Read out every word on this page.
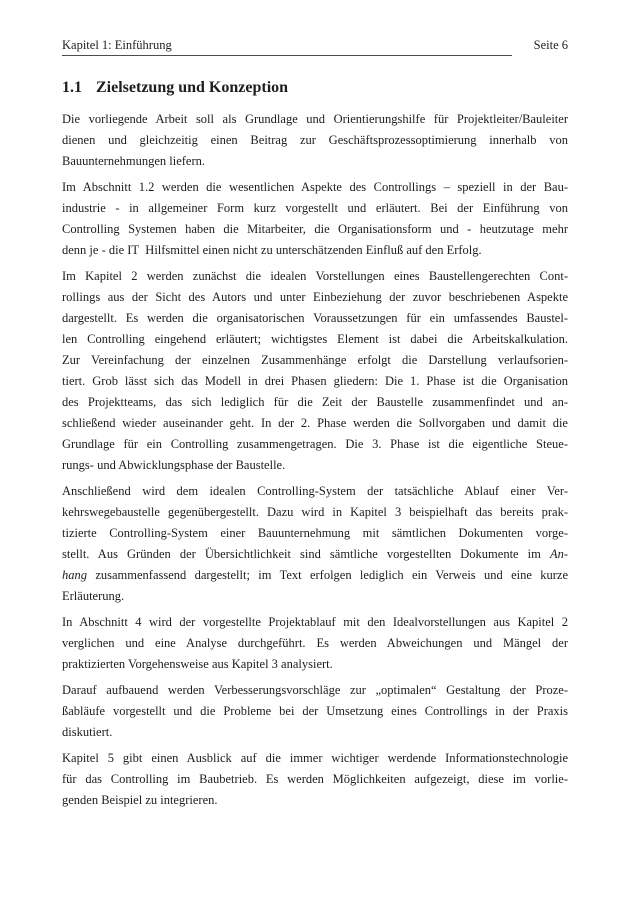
Kapitel 1: Einführung	Seite 6
1.1 Zielsetzung und Konzeption
Die vorliegende Arbeit soll als Grundlage und Orientierungshilfe für Projektleiter/Bauleiter
dienen und gleichzeitig einen Beitrag zur Geschäftsprozessoptimierung innerhalb von
Bauunternehmungen liefern.
Im Abschnitt 1.2 werden die wesentlichen Aspekte des Controllings – speziell in der Bau-
industrie - in allgemeiner Form kurz vorgestellt und erläutert. Bei der Einführung von
Controlling Systemen haben die Mitarbeiter, die Organisationsform und - heutzutage mehr
denn je - die IT  Hilfsmittel einen nicht zu unterschätzenden Einfluß auf den Erfolg.
Im Kapitel 2 werden zunächst die idealen Vorstellungen eines Baustellengerechten Cont-
rollings aus der Sicht des Autors und unter Einbeziehung der zuvor beschriebenen Aspekte
dargestellt. Es werden die organisatorischen Voraussetzungen für ein umfassendes Baustel-
len Controlling eingehend erläutert; wichtigstes Element ist dabei die Arbeitskalkulation.
Zur Vereinfachung der einzelnen Zusammenhänge erfolgt die Darstellung verlaufsorien-
tiert. Grob lässt sich das Modell in drei Phasen gliedern: Die 1. Phase ist die Organisation
des Projektteams, das sich lediglich für die Zeit der Baustelle zusammenfindet und an-
schließend wieder auseinander geht. In der 2. Phase werden die Sollvorgaben und damit die
Grundlage für ein Controlling zusammengetragen. Die 3. Phase ist die eigentliche Steue-
rungs- und Abwicklungsphase der Baustelle.
Anschließend wird dem idealen Controlling-System der tatsächliche Ablauf einer Ver-
kehrswegebaustelle gegenübergestellt. Dazu wird in Kapitel 3 beispielhaft das bereits prak-
tizierte Controlling-System einer Bauunternehmung mit sämtlichen Dokumenten vorge-
stellt. Aus Gründen der Übersichtlichkeit sind sämtliche vorgestellten Dokumente im An-
hang zusammenfassend dargestellt; im Text erfolgen lediglich ein Verweis und eine kurze
Erläuterung.
In Abschnitt 4 wird der vorgestellte Projektablauf mit den Idealvorstellungen aus Kapitel 2
verglichen und eine Analyse durchgeführt. Es werden Abweichungen und Mängel der
praktizierten Vorgehensweise aus Kapitel 3 analysiert.
Darauf aufbauend werden Verbesserungsvorschläge zur „optimalen“ Gestaltung der Proze-
ßabläufe vorgestellt und die Probleme bei der Umsetzung eines Controllings in der Praxis
diskutiert.
Kapitel 5 gibt einen Ausblick auf die immer wichtiger werdende Informationstechnologie
für das Controlling im Baubetrieb. Es werden Möglichkeiten aufgezeigt, diese im vorlie-
genden Beispiel zu integrieren.
